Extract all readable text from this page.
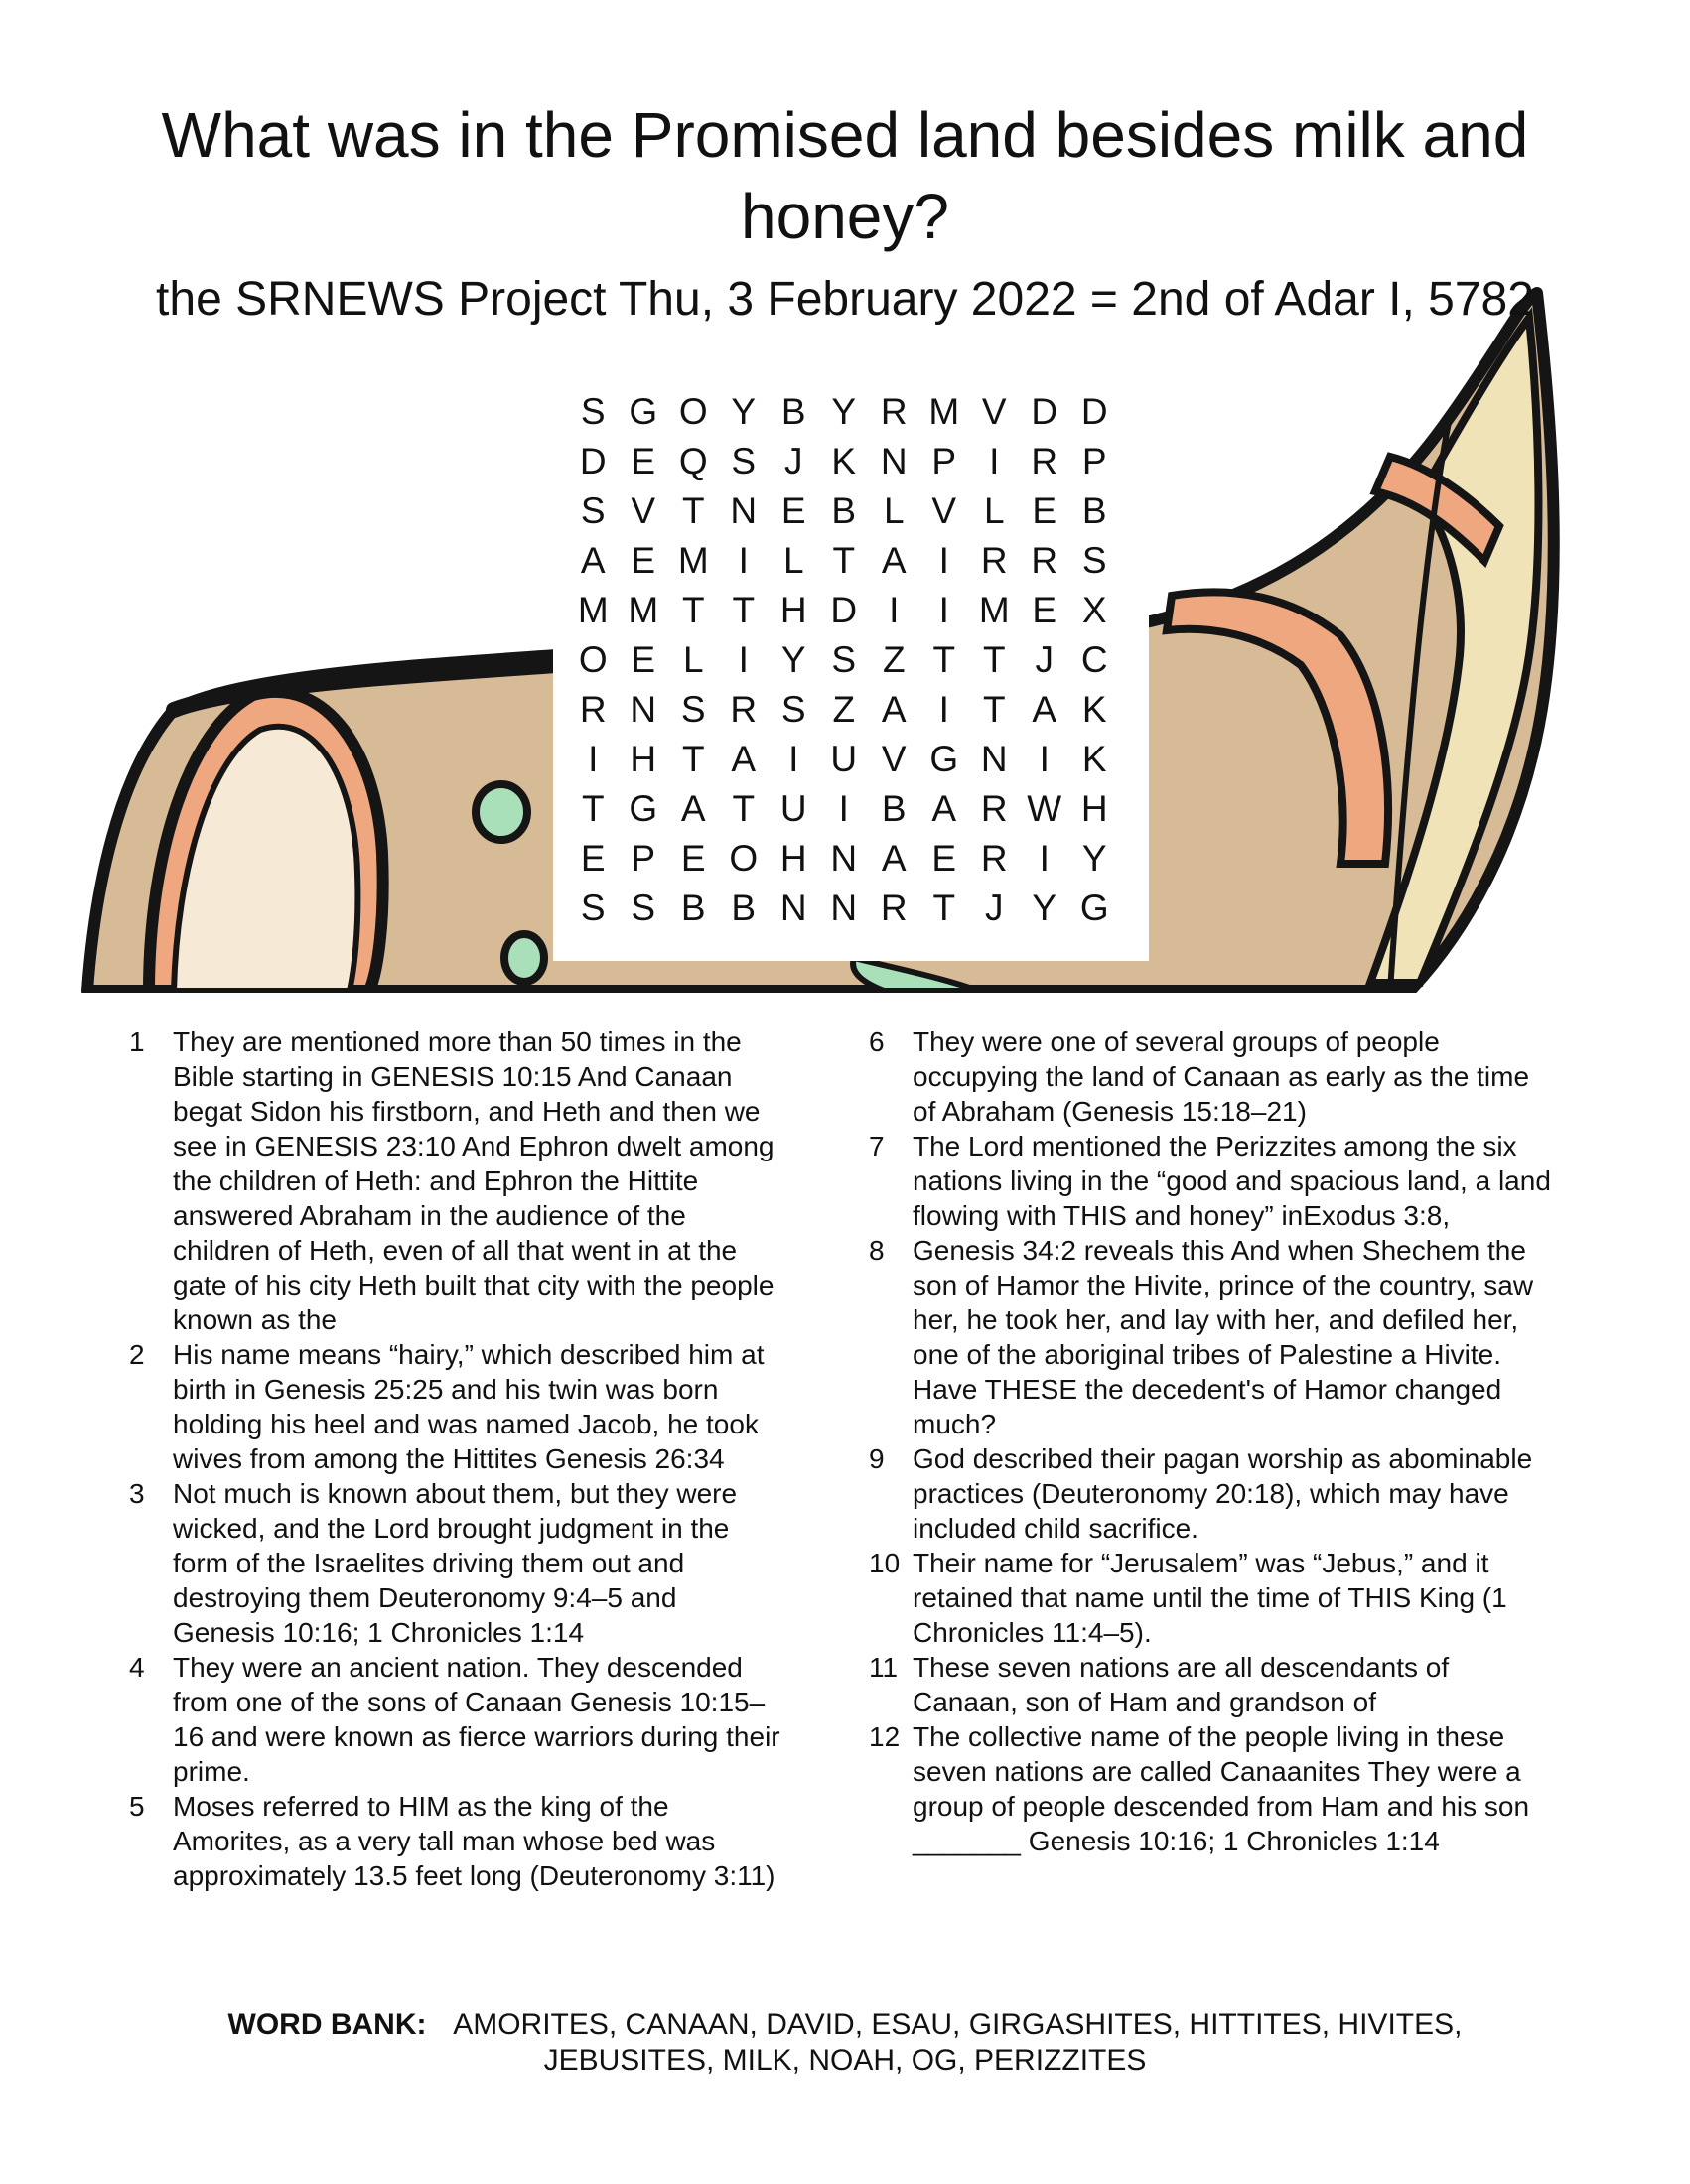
What was in the Promised land besides milk and honey?
the SRNEWS Project Thu, 3 February 2022 = 2nd of Adar I, 5782
S G O Y B Y R M V D D
D E Q S J K N P I R P
S V T N E B L V L E B
A E M I L T A I R R S
M M T T H D I	I M E X
O E L I Y S Z T T J C
R N S R S Z A I T A K
I H T A I U V G N I K
T G A T U I B A R W H
E P E O H N A E R I Y
S S B B N N R T J Y G
1	They are mentioned more than 50 times in the Bible starting in GENESIS 10:15 And Canaan begat Sidon his firstborn, and Heth and then we see in GENESIS 23:10 And Ephron dwelt among the children of Heth: and Ephron the Hittite answered Abraham in the audience of the children of Heth, even of all that went in at the gate of his city Heth built that city with the people known as the
2	His name means “hairy,” which described him at birth in Genesis 25:25 and his twin was born holding his heel and was named Jacob, he took wives from among the Hittites Genesis 26:34
3	Not much is known about them, but they were wicked, and the Lord brought judgment in the form of the Israelites driving them out and destroying them Deuteronomy 9:4–5 and Genesis 10:16; 1 Chronicles 1:14
4	They were an ancient nation. They descended from one of the sons of Canaan Genesis 10:15–16 and were known as fierce warriors during their prime.
5	Moses referred to HIM as the king of the Amorites, as a very tall man whose bed was approximately 13.5 feet long (Deuteronomy 3:11)
6	They were one of several groups of people occupying the land of Canaan as early as the time of Abraham (Genesis 15:18–21)
7	The Lord mentioned the Perizzites among the six nations living in the “good and spacious land, a land flowing with THIS and honey” inExodus 3:8,
8	Genesis 34:2 reveals this And when Shechem the son of Hamor the Hivite, prince of the country, saw her, he took her, and lay with her, and defiled her, one of the aboriginal tribes of Palestine a Hivite. Have THESE the decedent's of Hamor changed much?
9	God described their pagan worship as abominable practices (Deuteronomy 20:18), which may have included child sacrifice.
10 Their name for “Jerusalem” was “Jebus,” and it retained that name until the time of THIS King (1 Chronicles 11:4–5).
11 These seven nations are all descendants of Canaan, son of Ham and grandson of
12 The collective name of the people living in these seven nations are called Canaanites They were a group of people descended from Ham and his son _______ Genesis 10:16; 1 Chronicles 1:14
WORD BANK: AMORITES, CANAAN, DAVID, ESAU, GIRGASHITES, HITTITES, HIVITES, JEBUSITES, MILK, NOAH, OG, PERIZZITES
